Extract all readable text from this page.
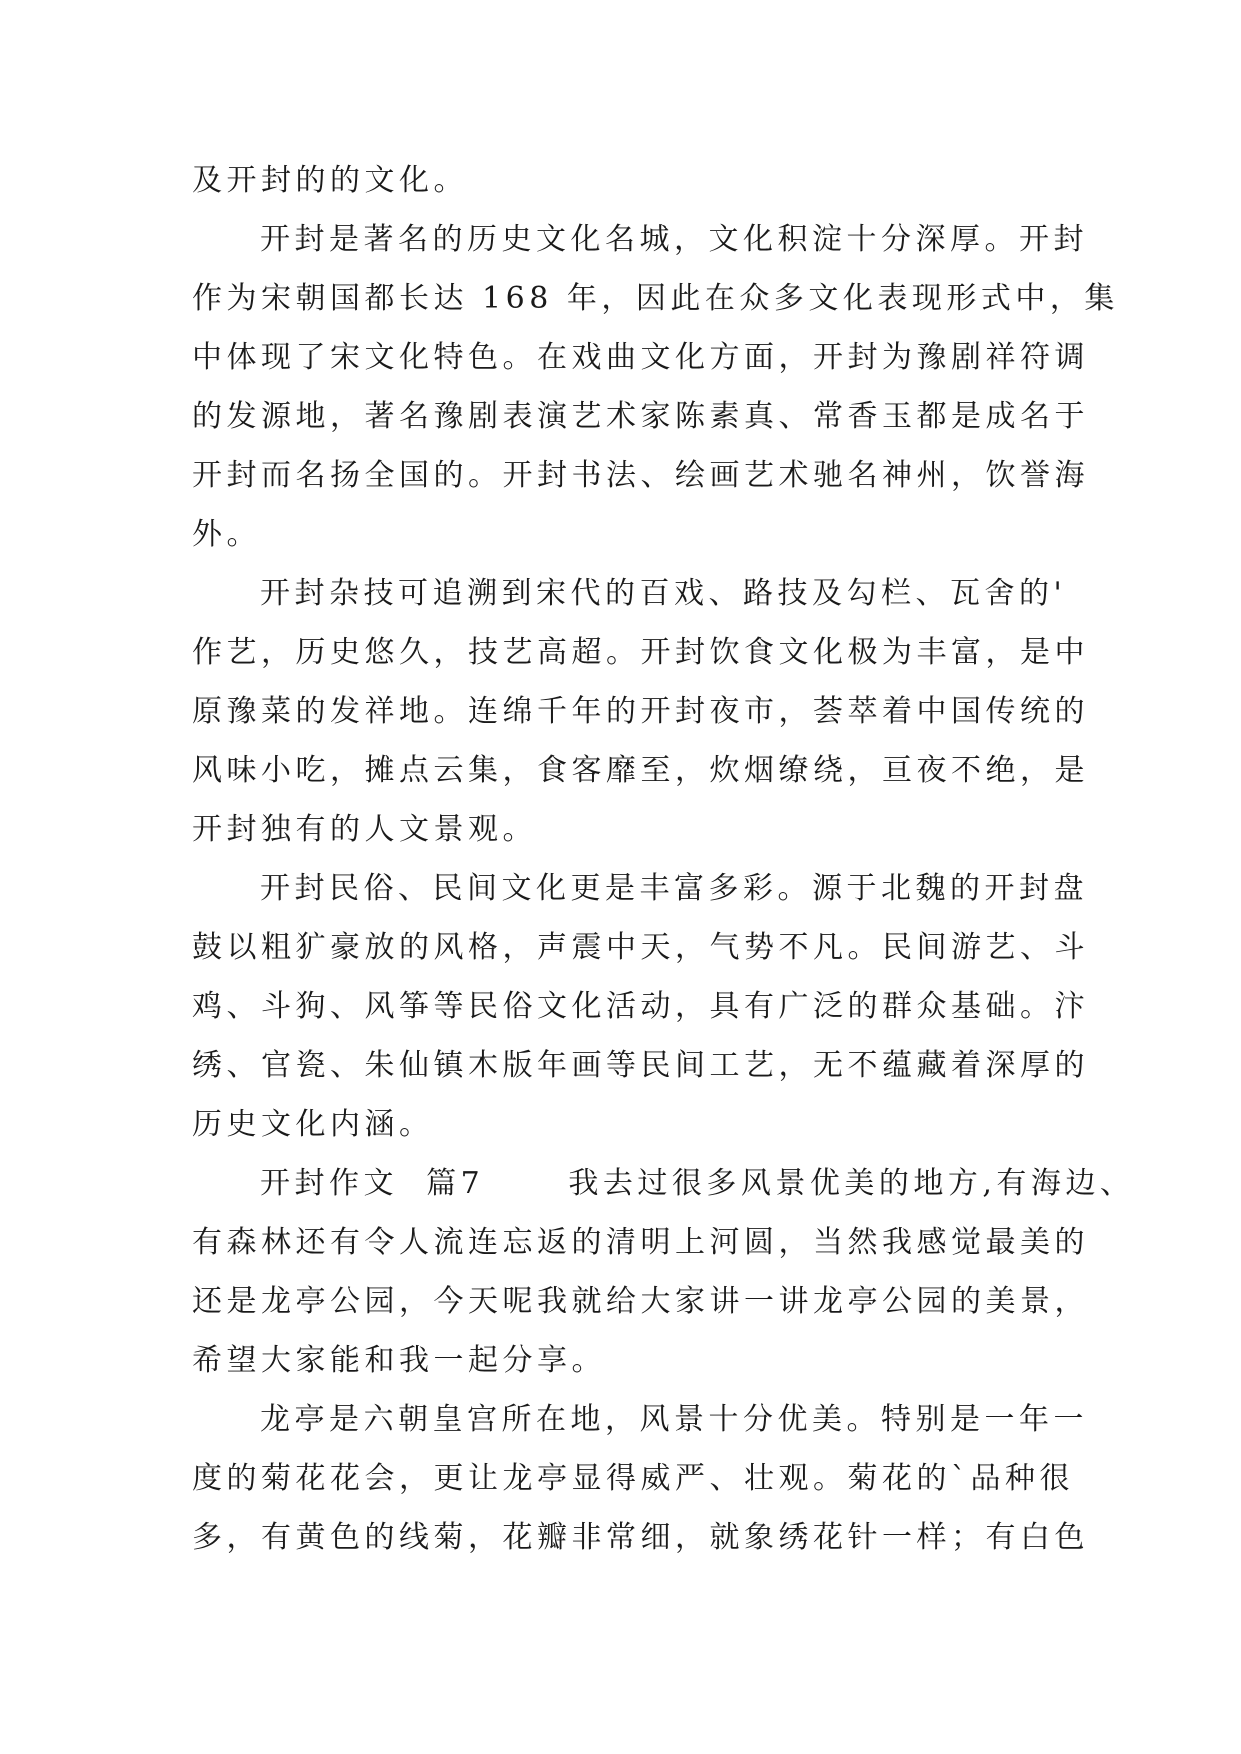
及开封的的文化。
开封是著名的历史文化名城，文化积淀十分深厚。开封
作为宋朝国都长达 168 年，因此在众多文化表现形式中，集
中体现了宋文化特色。在戏曲文化方面，开封为豫剧祥符调
的发源地，著名豫剧表演艺术家陈素真、常香玉都是成名于
开封而名扬全国的。开封书法、绘画艺术驰名神州，饮誉海
外。
开封杂技可追溯到宋代的百戏、路技及勾栏、瓦舍的'
作艺，历史悠久，技艺高超。开封饮食文化极为丰富，是中
原豫菜的发祥地。连绵千年的开封夜市，荟萃着中国传统的
风味小吃，摊点云集，食客靡至，炊烟缭绕，亘夜不绝，是
开封独有的人文景观。
开封民俗、民间文化更是丰富多彩。源于北魏的开封盘
鼓以粗犷豪放的风格，声震中天，气势不凡。民间游艺、斗
鸡、斗狗、风筝等民俗文化活动，具有广泛的群众基础。汴
绣、官瓷、朱仙镇木版年画等民间工艺，无不蕴藏着深厚的
历史文化内涵。
开封作文  篇7      我去过很多风景优美的地方,有海边、
有森林还有令人流连忘返的清明上河圆，当然我感觉最美的
还是龙亭公园，今天呢我就给大家讲一讲龙亭公园的美景，
希望大家能和我一起分享。
龙亭是六朝皇宫所在地，风景十分优美。特别是一年一
度的菊花花会，更让龙亭显得威严、壮观。菊花的`品种很
多，有黄色的线菊，花瓣非常细，就象绣花针一样；有白色
